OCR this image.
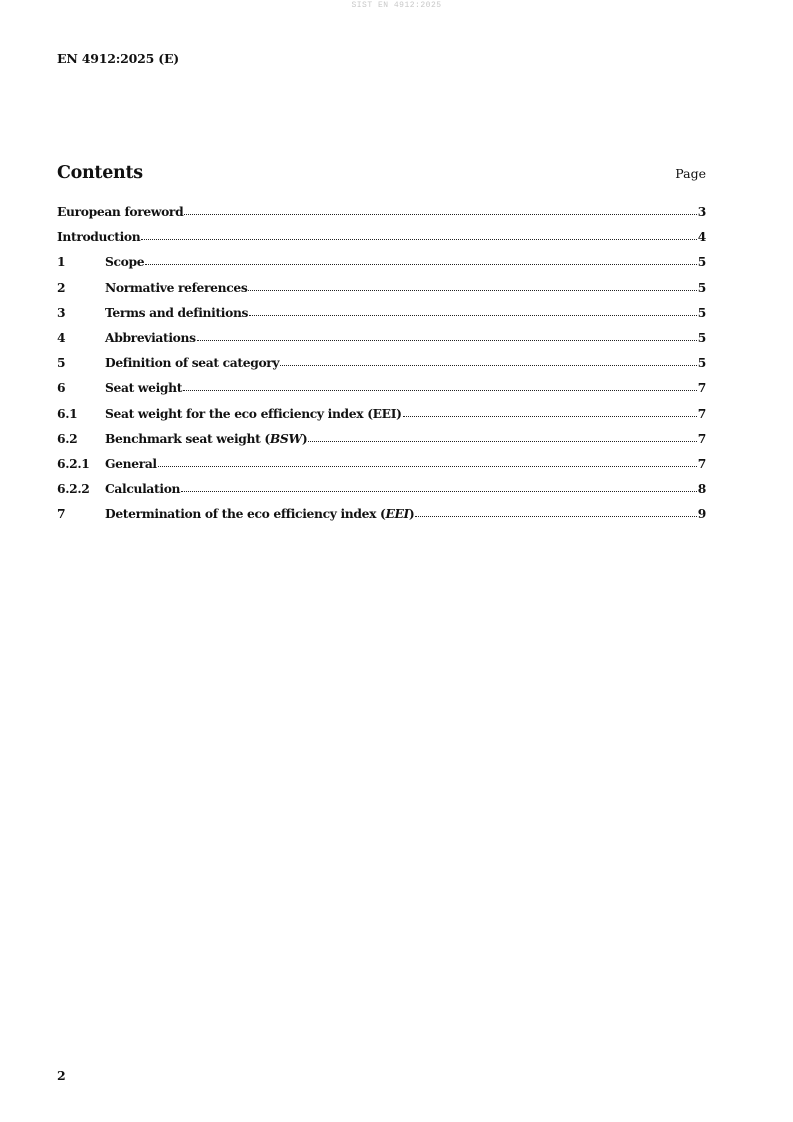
SIST EN 4912:2025
EN 4912:2025 (E)
Contents	Page
European foreword	3
Introduction	4
1	Scope	5
2	Normative references	5
3	Terms and definitions	5
4	Abbreviations	5
5	Definition of seat category	5
6	Seat weight	7
6.1	Seat weight for the eco efficiency index (EEI)	7
6.2	Benchmark seat weight (BSW)	7
6.2.1	General	7
6.2.2	Calculation	8
7	Determination of the eco efficiency index (EEI)	9
2
